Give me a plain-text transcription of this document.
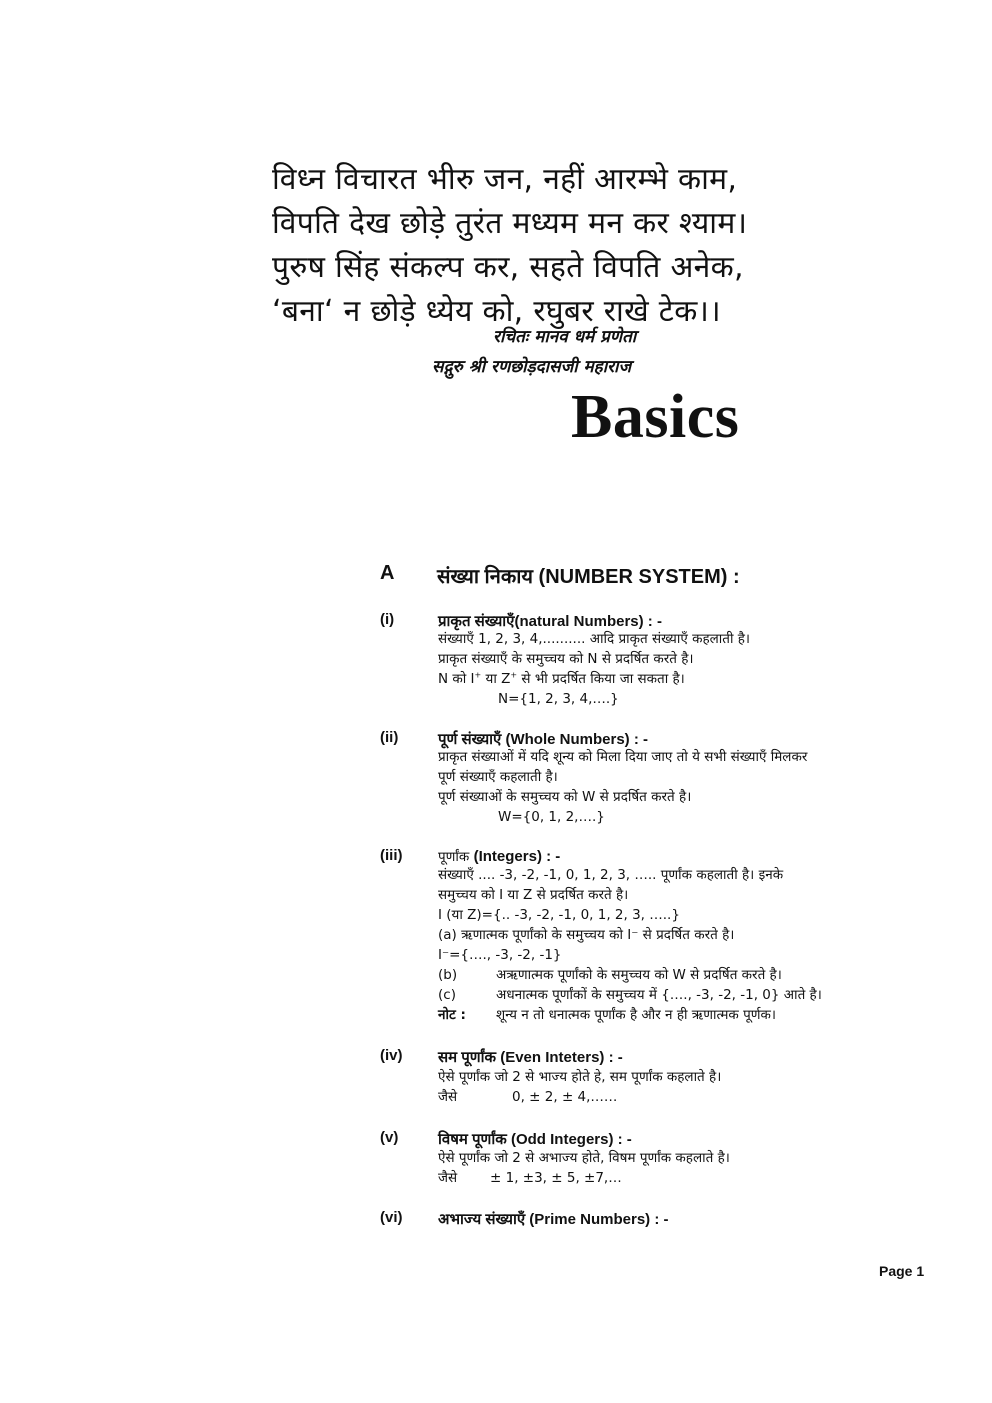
विध्न विचारत भीरु जन, नहीं आरम्भे काम,
विपति देख छोड़े तुरंत मध्यम मन कर श्याम।
पुरुष सिंह संकल्प कर, सहते विपति अनेक,
‘बना‘ न छोड़े ध्येय को, रघुबर राखे टेक।।
रचितः मानव धर्म प्रणेता
सद्गुरु श्री रणछोड़दासजी महाराज
Basics
A संख्या निकाय (NUMBER SYSTEM) :
(i)	प्राकृत संख्याएँ(natural Numbers) : -
संख्याएँ 1, 2, 3, 4,.......... आदि प्राकृत संख्याएँ कहलाती है।
प्राकृत संख्याएँ के समुच्चय को N से प्रदर्षित करते है।
N को I+ या Z+ से भी प्रदर्षित किया जा सकता है।
N={1, 2, 3, 4,….}
(ii)	पूर्ण संख्याएँ (Whole Numbers) : -
प्राकृत संख्याओं में यदि शून्य को मिला दिया जाए तो ये सभी संख्याएँ मिलकर
पूर्ण संख्याएँ कहलाती है।
पूर्ण संख्याओं के समुच्चय को W से प्रदर्षित करते है।
W={0, 1, 2,….}
(iii)	पूर्णांक (Integers) : -
संख्याएँ .... -3, -2, -1, 0, 1, 2, 3, ….. पूर्णांक कहलाती है। इनके
समुच्चय को I या Z से प्रदर्षित करते है।
I (या Z)={.. -3, -2, -1, 0, 1, 2, 3, …..}
(a) ऋणात्मक पूर्णांको के समुच्चय को I⁻ से प्रदर्षित करते है।
I⁻={…., -3, -2, -1}
(b)	अऋणात्मक पूर्णांको के समुच्चय को W से प्रदर्षित करते है।
(c)	अधनात्मक पूर्णांकों के समुच्चय में {…., -3, -2, -1, 0} आते है।
नोट : शून्य न तो धनात्मक पूर्णांक है और न ही ऋणात्मक पूर्णक।
(iv) सम पूर्णांक (Even Inteters) : -
ऐसे पूर्णांक जो 2 से भाज्य होते हे, सम पूर्णांक कहलाते है।
जैसे	0, ± 2, ± 4,……
(v)	विषम पूर्णांक (Odd Integers) : -
ऐसे पूर्णांक जो 2 से अभाज्य होते, विषम पूर्णांक कहलाते है।
जैसे ± 1, ±3, ± 5, ±7,…
(vi) अभाज्य संख्याएँ (Prime Numbers) : -
Page 1
